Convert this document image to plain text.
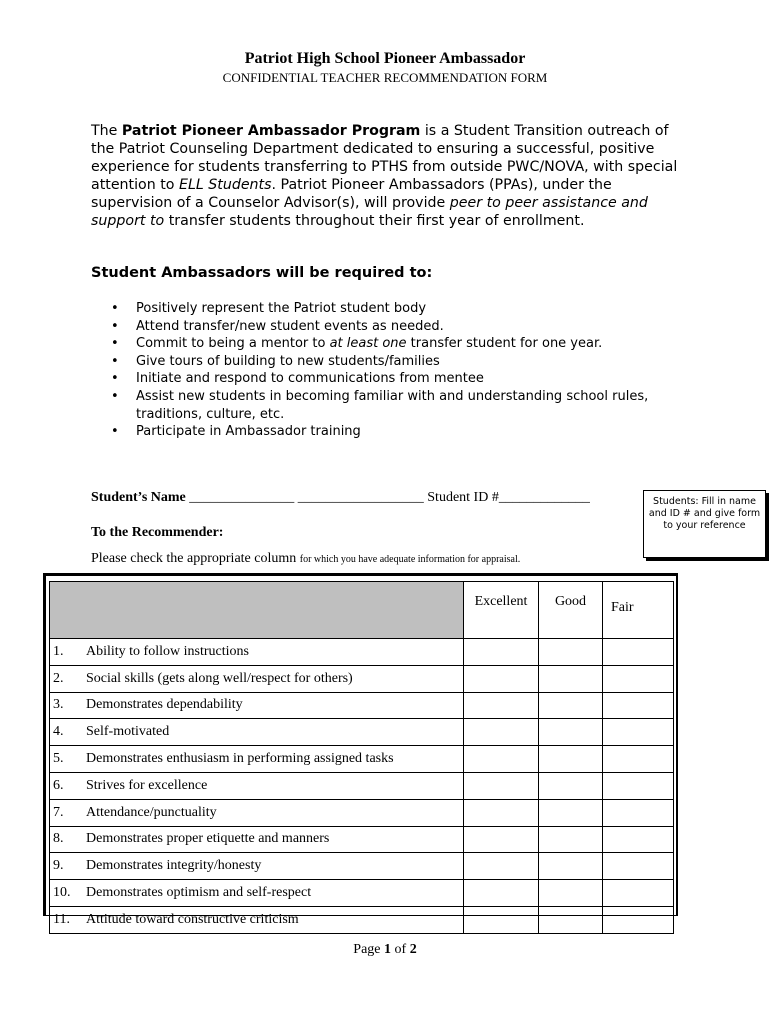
Patriot High School Pioneer Ambassador
CONFIDENTIAL TEACHER RECOMMENDATION FORM

The Patriot Pioneer Ambassador Program is a Student Transition outreach of the Patriot Counseling Department dedicated to ensuring a successful, positive experience for students transferring to PTHS from outside PWC/NOVA, with special attention to ELL Students. Patriot Pioneer Ambassadors (PPAs), under the supervision of a Counselor Advisor(s), will provide peer to peer assistance and support to transfer students throughout their first year of enrollment.

Student Ambassadors will be required to:
• Positively represent the Patriot student body
• Attend transfer/new student events as needed.
• Commit to being a mentor to at least one transfer student for one year.
• Give tours of building to new students/families
• Initiate and respond to communications from mentee
• Assist new students in becoming familiar with and understanding school rules, traditions, culture, etc.
• Participate in Ambassador training
Student’s Name _______________ __________________ Student ID #_____________	Students: Fill in name and ID # and give form to your reference
To the Recommender:
Please check the appropriate column for which you have adequate information for appraisal.
	Excellent	Good	Fair
1. Ability to follow instructions			
2. Social skills (gets along well/respect for others)			
3. Demonstrates dependability			
4. Self-motivated			
5. Demonstrates enthusiasm in performing assigned tasks			
6. Strives for excellence			
7. Attendance/punctuality			
8. Demonstrates proper etiquette and manners			
9. Demonstrates integrity/honesty			
10. Demonstrates optimism and self-respect			
11. Attitude toward constructive criticism			
Page 1 of 2
